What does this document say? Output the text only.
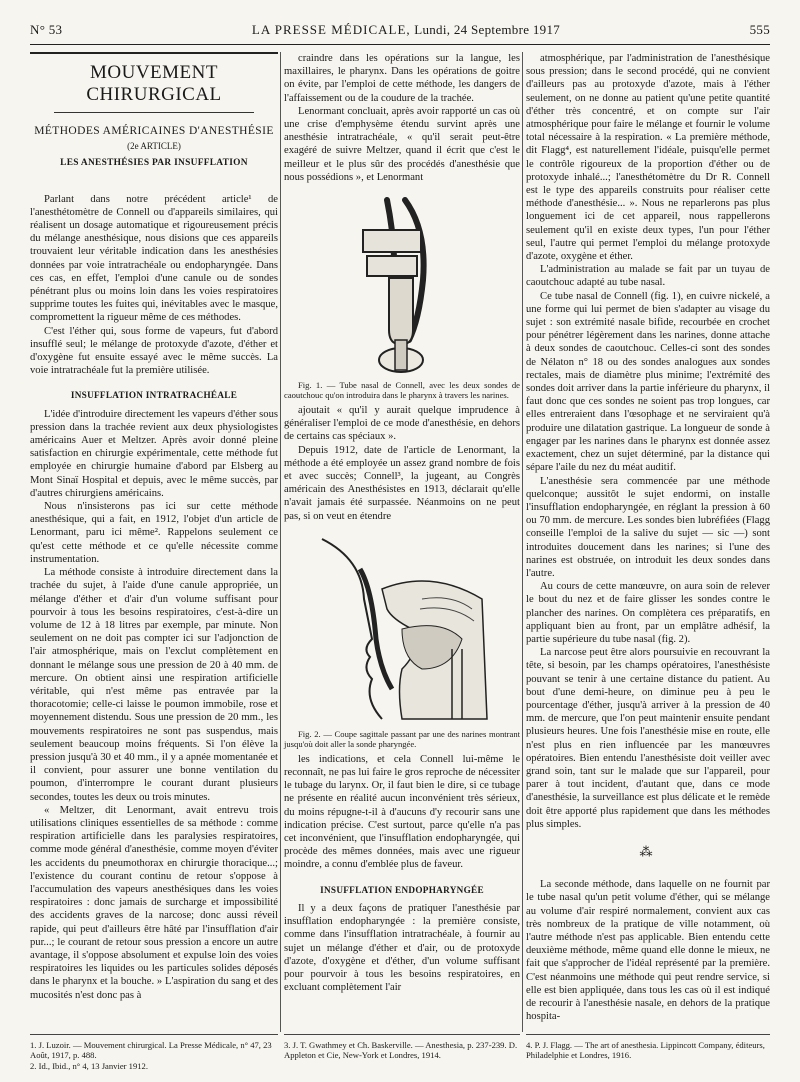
N° 53	LA PRESSE MÉDICALE, Lundi, 24 Septembre 1917	555
MOUVEMENT CHIRURGICAL
MÉTHODES AMÉRICAINES D'ANESTHÉSIE
(2e ARTICLE)
LES ANESTHÉSIES PAR INSUFFLATION

Parlant dans notre précédent article¹ de l'anesthétomètre de Connell ou d'appareils similaires, qui réalisent un dosage automatique et rigoureusement précis du mélange anesthésique, nous disions que ces appareils trouvaient leur véritable indication dans les anesthésies données par voie intratrachéale ou endopharyngée. Dans ces cas, en effet, l'emploi d'une canule ou de sondes pénétrant plus ou moins loin dans les voies respiratoires supprime toutes les fuites qui, inévitables avec le masque, compromettent la rigueur même de ces méthodes.

C'est l'éther qui, sous forme de vapeurs, fut d'abord insufflé seul; le mélange de protoxyde d'azote, d'éther et d'oxygène fut ensuite essayé avec le même succès. La voie intratrachéale fut la première utilisée.

INSUFFLATION INTRATRACHÉALE

L'idée d'introduire directement les vapeurs d'éther sous pression dans la trachée revient aux deux physiologistes américains Auer et Meltzer. Après avoir donné pleine satisfaction en chirurgie expérimentale, cette méthode fut employée en chirurgie humaine d'abord par Elsberg au Mont Sinaï Hospital et depuis, avec le même succès, par d'autres chirurgiens américains.

Nous n'insisterons pas ici sur cette méthode anesthésique, qui a fait, en 1912, l'objet d'un article de Lenormant, paru ici même². Rappelons seulement ce qu'est cette méthode et ce qu'elle nécessite comme instrumentation.

La méthode consiste à introduire directement dans la trachée du sujet, à l'aide d'une canule appropriée, un mélange d'éther et d'air d'un volume suffisant pour pourvoir à tous les besoins respiratoires, c'est-à-dire un volume de 12 à 18 litres par exemple, par minute. Non seulement on ne doit pas compter ici sur l'adjonction de l'air atmosphérique, mais on l'exclut complètement en donnant le mélange sous une pression de 20 à 40 mm. de mercure. On obtient ainsi une respiration artificielle véritable, qui n'est même pas entravée par la thoracotomie; celle-ci laisse le poumon immobile, rose et moyennement distendu. Sous une pression de 20 mm., les mouvements respiratoires ne sont pas suspendus, mais seulement beaucoup moins fréquents. Si l'on élève la pression jusqu'à 30 et 40 mm., il y a apnée momentanée et il convient, pour assurer une bonne ventilation du poumon, d'interrompre le courant durant plusieurs secondes, toutes les deux ou trois minutes.

« Meltzer, dit Lenormant, avait entrevu trois utilisations cliniques essentielles de sa méthode : comme respiration artificielle dans les paralysies respiratoires, comme mode général d'anesthésie, comme moyen d'éviter les accidents du pneumothorax en chirurgie thoracique...; l'existence du courant continu de retour s'oppose à l'accumulation des vapeurs anesthésiques dans les voies respiratoires : donc jamais de surcharge et impossibilité des accidents graves de la narcose; donc aussi réveil rapide, qui peut d'ailleurs être hâté par l'insufflation d'air pur...; le courant de retour sous pression a encore un autre avantage, il s'oppose absolument et expulse loin des voies respiratoires les liquides ou les particules solides déposés dans le pharynx et la bouche. » L'aspiration du sang et des mucosités n'est donc pas à

craindre dans les opérations sur la langue, les maxillaires, le pharynx. Dans les opérations de goitre on évite, par l'emploi de cette méthode, les dangers de l'affaissement ou de la coudure de la trachée.

Lenormant concluait, après avoir rapporté un cas où une crise d'emphysème étendu survint après une anesthésie intratrachéale, « qu'il serait peut-être exagéré de suivre Meltzer, quand il écrit que c'est le meilleur et le plus sûr des procédés d'anesthésie que nous possédions », et Lenormant

Fig. 1. — Tube nasal de Connell, avec les deux sondes de caoutchouc qu'on introduira dans le pharynx à travers les narines.

ajoutait « qu'il y aurait quelque imprudence à généraliser l'emploi de ce mode d'anesthésie, en dehors de certains cas spéciaux ».

Depuis 1912, date de l'article de Lenormant, la méthode a été employée un assez grand nombre de fois et avec succès; Connell³, la jugeant, au Congrès américain des Anesthésistes en 1913, déclarait qu'elle n'avait jamais été surpassée. Néanmoins on ne peut pas, si on veut en étendre

Fig. 2. — Coupe sagittale passant par une des narines montrant jusqu'où doit aller la sonde pharyngée.

les indications, et cela Connell lui-même le reconnaît, ne pas lui faire le gros reproche de nécessiter le tubage du larynx. Or, il faut bien le dire, si ce tubage ne présente en réalité aucun inconvénient très sérieux, du moins répugne-t-il à d'aucuns d'y recourir sans une indication précise. C'est surtout, parce qu'elle n'a pas cet inconvénient, que l'insufflation endopharyngée, qui procède des mêmes données, mais avec une rigueur moindre, a connu d'emblée plus de faveur.

INSUFFLATION ENDOPHARYNGÉE

Il y a deux façons de pratiquer l'anesthésie par insufflation endopharyngée : la première consiste, comme dans l'insufflation intratrachéale, à fournir au sujet un mélange d'éther et d'air, ou de protoxyde d'azote, d'oxygène et d'éther, d'un volume suffisant pour pourvoir à tous les besoins respiratoires, en excluant complètement l'air

atmosphérique, par l'administration de l'anesthésique sous pression; dans le second procédé, qui ne convient d'ailleurs pas au protoxyde d'azote, mais à l'éther seulement, on ne donne au patient qu'une petite quantité d'éther très concentré, et on compte sur l'air atmosphérique pour faire le mélange et fournir le volume total nécessaire à la respiration. « La première méthode, dit Flagg⁴, est naturellement l'idéale, puisqu'elle permet le contrôle rigoureux de la proportion d'éther ou de protoxyde inhalé...; l'anesthétomètre du Dr R. Connell est le type des appareils construits pour réaliser cette méthode d'anesthésie... ». Nous ne reparlerons pas plus longuement ici de cet appareil, nous rappellerons seulement qu'il en existe deux types, l'un pour l'éther seul, l'autre qui permet l'emploi du mélange protoxyde d'azote, oxygène et éther.

L'administration au malade se fait par un tuyau de caoutchouc adapté au tube nasal.

Ce tube nasal de Connell (fig. 1), en cuivre nickelé, a une forme qui lui permet de bien s'adapter au visage du sujet : son extrémité nasale bifide, recourbée en crochet pour pénétrer légèrement dans les narines, donne attache à deux sondes de caoutchouc. Celles-ci sont des sondes de Nélaton n° 18 ou des sondes analogues aux sondes rectales, mais de diamètre plus minime; l'extrémité des sondes doit arriver dans la partie inférieure du pharynx, il faut donc que ces sondes ne soient pas trop longues, car elles entreraient dans l'œsophage et ne serviraient qu'à produire une dilatation gastrique. La longueur de sonde à engager par les narines dans le pharynx est donnée assez exactement, chez un sujet déterminé, par la distance qui sépare l'aile du nez du méat auditif.

L'anesthésie sera commencée par une méthode quelconque; aussitôt le sujet endormi, on installe l'insufflation endopharyngée, en réglant la pression à 60 ou 70 mm. de mercure. Les sondes bien lubréfiées (Flagg conseille l'emploi de la salive du sujet — sic —) sont introduites doucement dans les narines; si l'une des narines est obstruée, on introduit les deux sondes dans l'autre.

Au cours de cette manœuvre, on aura soin de relever le bout du nez et de faire glisser les sondes contre le plancher des narines. On complètera ces préparatifs, en appliquant bien au front, par un emplâtre adhésif, la partie supérieure du tube nasal (fig. 2).

La narcose peut être alors poursuivie en recouvrant la tête, si besoin, par les champs opératoires, l'anesthésiste pouvant se tenir à une certaine distance du patient. Au bout d'une demi-heure, on diminue peu à peu le pourcentage d'éther, jusqu'à arriver à la pression de 40 mm. de mercure, que l'on peut maintenir ensuite pendant plusieurs heures. Une fois l'anesthésie mise en route, elle n'est plus en rien influencée par les manœuvres opératoires. Bien entendu l'anesthésiste doit veiller avec grand soin, tant sur le malade que sur l'appareil, pour parer à tout incident, d'autant que, dans ce mode d'anesthésie, la surveillance est plus délicate et le remède doit être apporté plus rapidement que dans les méthodes plus simples.

⁂

La seconde méthode, dans laquelle on ne fournit par le tube nasal qu'un petit volume d'éther, qui se mélange au volume d'air respiré normalement, convient aux cas très nombreux de la pratique de ville notamment, où l'autre méthode n'est pas applicable. Bien entendu cette deuxième méthode, même quand elle donne le mieux, ne fait que s'approcher de l'idéal représenté par la première. C'est néanmoins une méthode qui peut rendre service, si elle est bien appliquée, dans tous les cas où il est indiqué de recourir à l'anesthésie nasale, en dehors de la pratique hospita-

1. J. Luzoir. — Mouvement chirurgical. La Presse Médicale, n° 47, 23 Août, 1917, p. 488.
2. Id., Ibid., n° 4, 13 Janvier 1912.
3. J. T. Gwathmey et Ch. Baskerville. — Anesthesia, p. 237-239. D. Appleton et Cie, New-York et Londres, 1914.
4. P. J. Flagg. — The art of anesthesia. Lippincott Company, éditeurs, Philadelphie et Londres, 1916.
